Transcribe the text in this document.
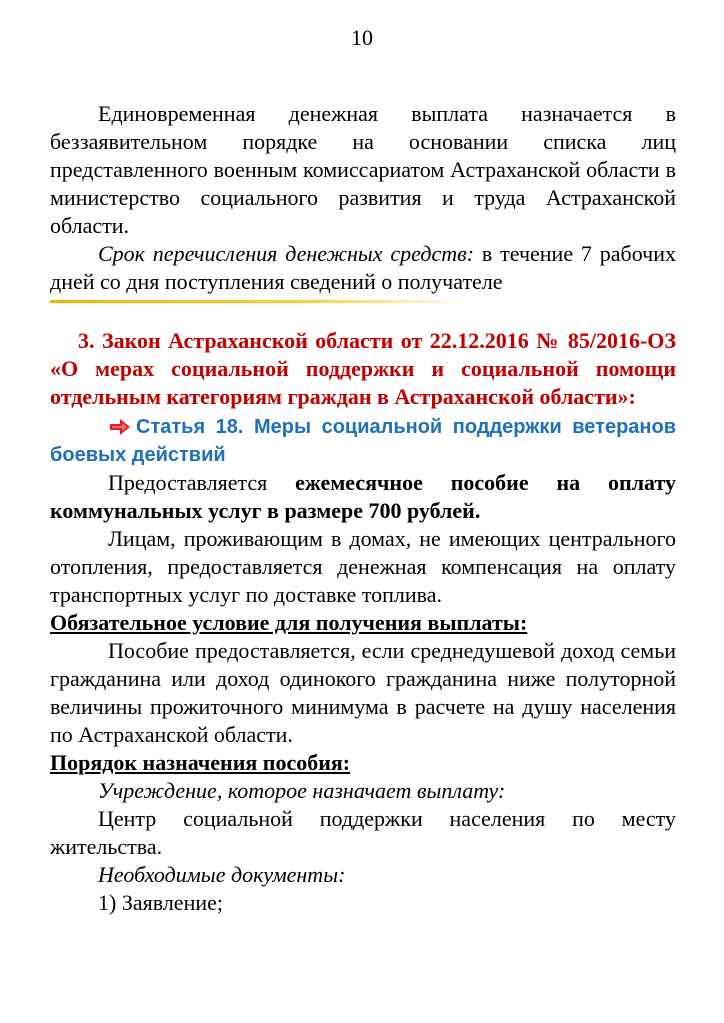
10

Единовременная денежная выплата назначается в беззаявительном порядке на основании списка лиц представленного военным комиссариатом Астраханской области в министерство социального развития и труда Астраханской области.

Срок перечисления денежных средств: в течение 7 рабочих дней со дня поступления сведений о получателе

3. Закон Астраханской области от 22.12.2016 № 85/2016-ОЗ «О мерах социальной поддержки и социальной помощи отдельным категориям граждан в Астраханской области»:

Статья 18. Меры социальной поддержки ветеранов боевых действий

Предоставляется ежемесячное пособие на оплату коммунальных услуг в размере 700 рублей.

Лицам, проживающим в домах, не имеющих центрального отопления, предоставляется денежная компенсация на оплату транспортных услуг по доставке топлива.

Обязательное условие для получения выплаты:

Пособие предоставляется, если среднедушевой доход семьи гражданина или доход одинокого гражданина ниже полуторной величины прожиточного минимума в расчете на душу населения по Астраханской области.

Порядок назначения пособия:

Учреждение, которое назначает выплату:

Центр социальной поддержки населения по месту жительства.

Необходимые документы:

1) Заявление;
